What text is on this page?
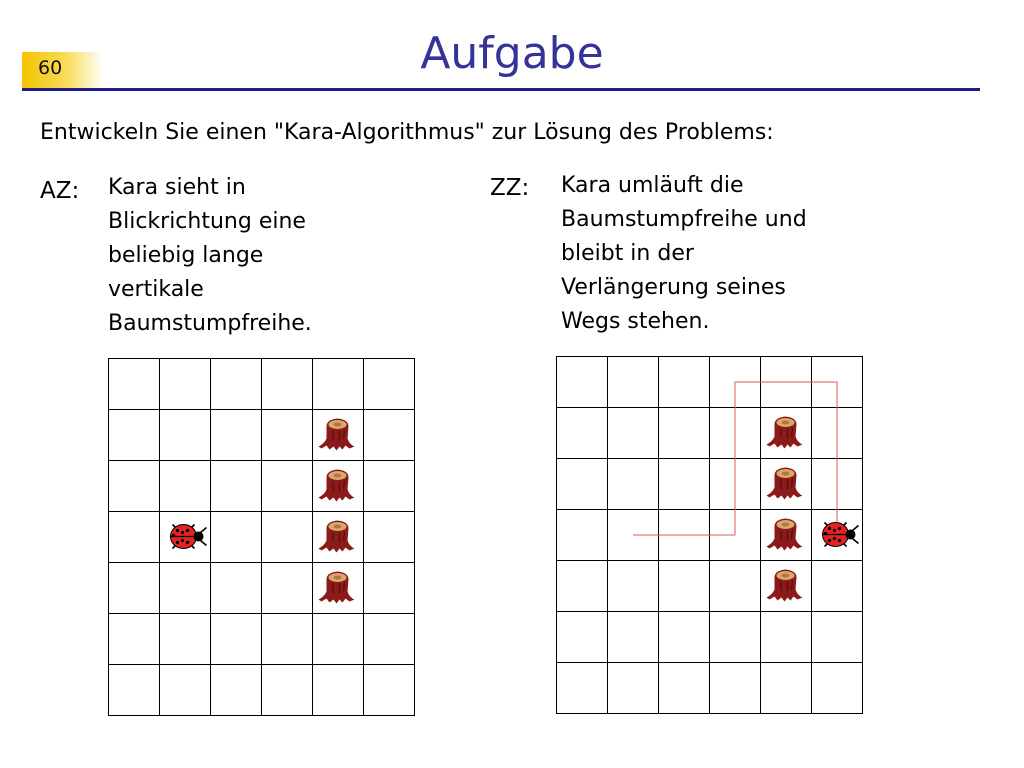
60	Aufgabe
Entwickeln Sie einen "Kara-Algorithmus" zur Lösung des Problems:
AZ: Kara sieht in
Blickrichtung eine
beliebig lange
vertikale
Baumstumpfreihe.
ZZ: Kara umläuft die
Baumstumpfreihe und
bleibt in der
Verlängerung seines
Wegs stehen.
